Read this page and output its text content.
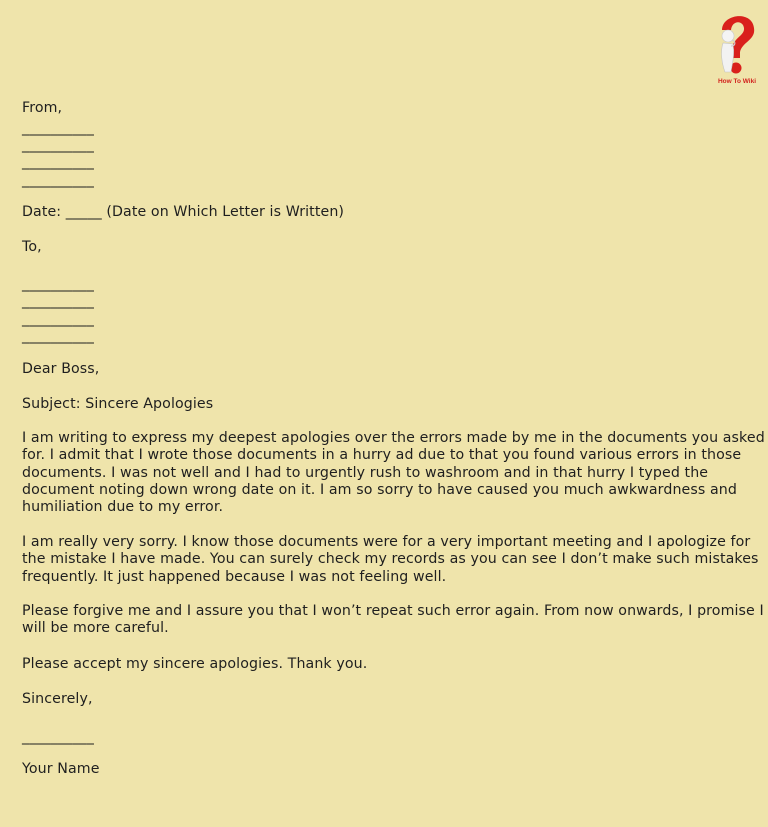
How To Wiki
From,
__________
__________
__________
__________
Date: _____ (Date on Which Letter is Written)
To,
__________
__________
__________
__________
Dear Boss,
Subject: Sincere Apologies
I am writing to express my deepest apologies over the errors made by me in the documents you asked
for. I admit that I wrote those documents in a hurry ad due to that you found various errors in those
documents. I was not well and I had to urgently rush to washroom and in that hurry I typed the
document noting down wrong date on it. I am so sorry to have caused you much awkwardness and
humiliation due to my error.
I am really very sorry. I know those documents were for a very important meeting and I apologize for
the mistake I have made. You can surely check my records as you can see I don’t make such mistakes
frequently. It just happened because I was not feeling well.
Please forgive me and I assure you that I won’t repeat such error again. From now onwards, I promise I
will be more careful.
Please accept my sincere apologies. Thank you.
Sincerely,
__________
Your Name
